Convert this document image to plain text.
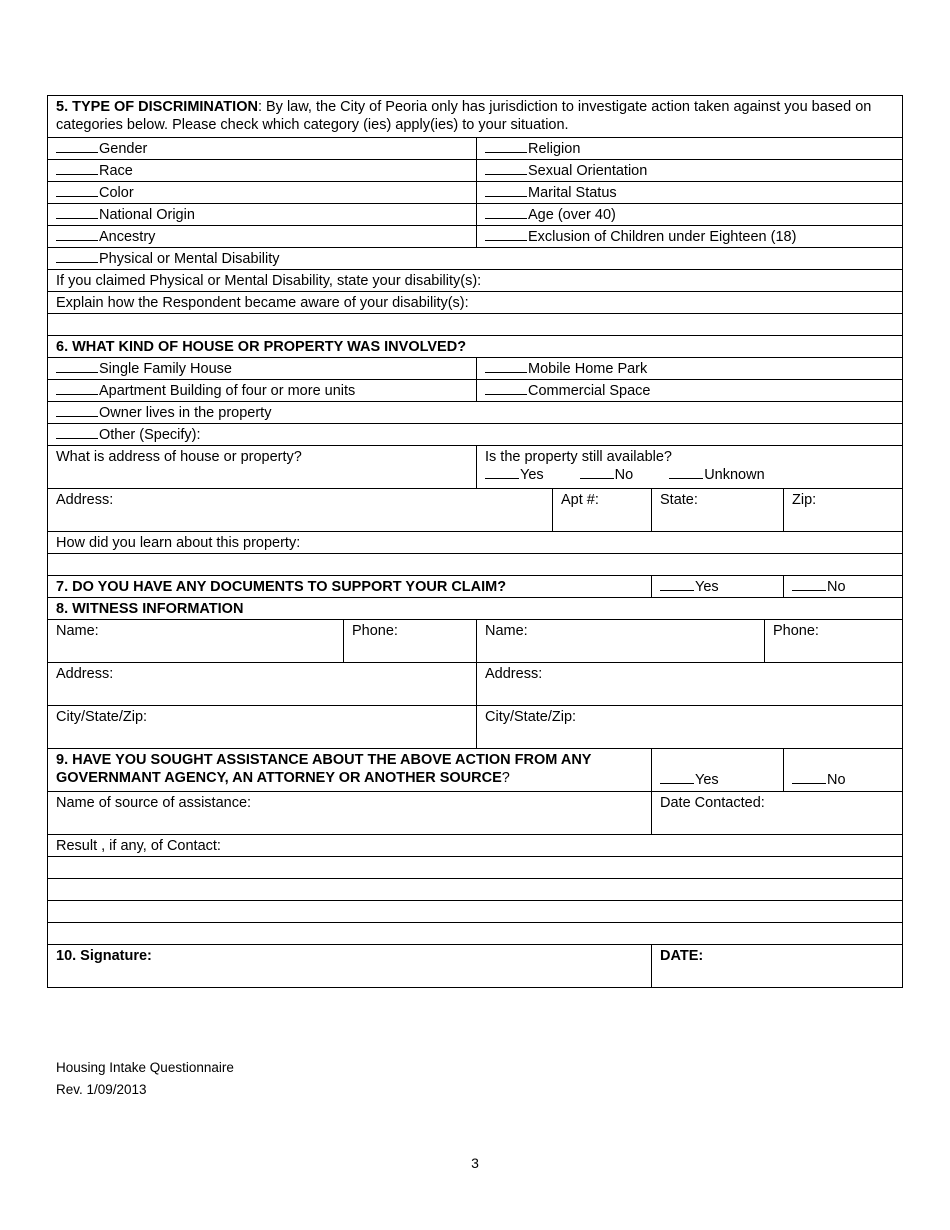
5. TYPE OF DISCRIMINATION: By law, the City of Peoria only has jurisdiction to investigate action taken against you based on categories below. Please check which category (ies) apply(ies) to your situation.
Gender	Religion
Race	Sexual Orientation
Color	Marital Status
National Origin	Age (over 40)
Ancestry	Exclusion of Children under Eighteen (18)
Physical or Mental Disability
If you claimed Physical or Mental Disability, state your disability(s):
Explain how the Respondent became aware of your disability(s):
6. WHAT KIND OF HOUSE OR PROPERTY WAS INVOLVED?
Single Family House	Mobile Home Park
Apartment Building of four or more units	Commercial Space
Owner lives in the property
Other (Specify):
What is address of house or property?	Is the property still available?
Yes	No	Unknown
Address:	Apt #:	State:	Zip:
How did you learn about this property:
7. DO YOU HAVE ANY DOCUMENTS TO SUPPORT YOUR CLAIM?	Yes	No
8. WITNESS INFORMATION
Name:	Phone:	Name:	Phone:
Address:	Address:
City/State/Zip:	City/State/Zip:
9. HAVE YOU SOUGHT ASSISTANCE ABOUT THE ABOVE ACTION FROM ANY
GOVERNMANT AGENCY, AN ATTORNEY OR ANOTHER SOURCE?	Yes	No
Name of source of assistance:	Date Contacted:
Result , if any, of Contact:
10. Signature:	DATE:
Housing Intake Questionnaire
Rev. 1/09/2013
3
